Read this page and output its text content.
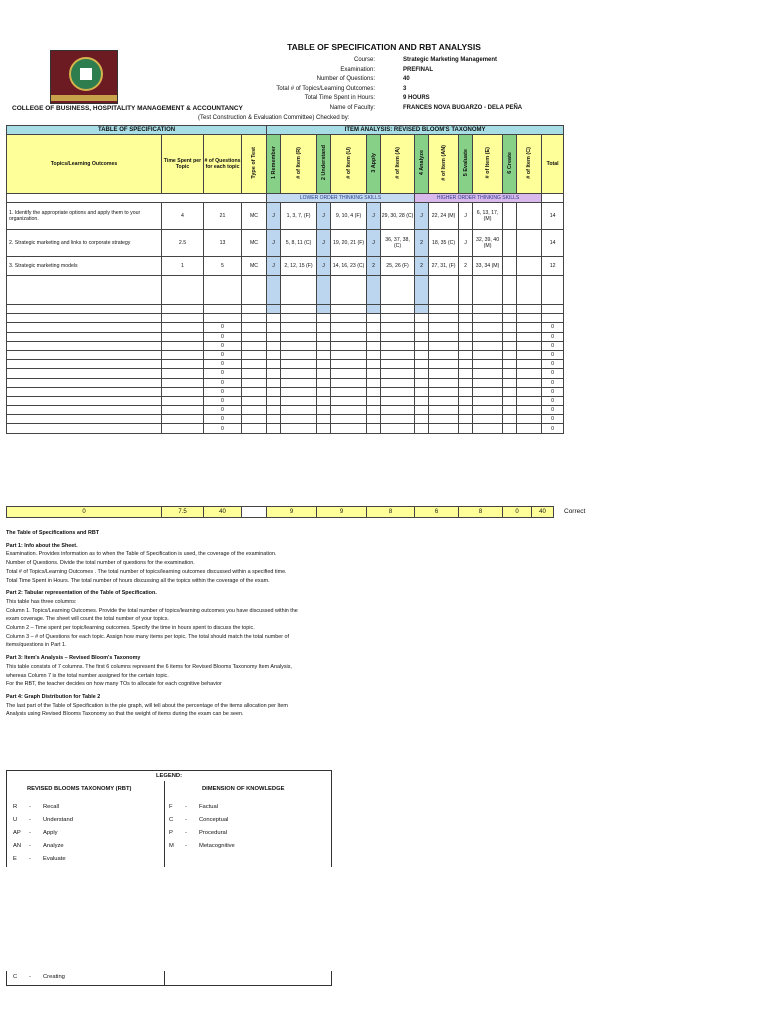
TABLE OF SPECIFICATION AND RBT ANALYSIS
COLLEGE OF BUSINESS, HOSPITALITY MANAGEMENT & ACCOUNTANCY
Course:	Strategic Marketing Management
Examination:	PREFINAL
Number of Questions:	40
Total # of Topics/Learning Outcomes:	3
Total Time Spent in Hours:	9 HOURS
Name of Faculty:	FRANCES NOVA BUGARZO - DELA PEÑA
(Test Construction & Evaluation Committee) Checked by:
TABLE OF SPECIFICATION				ITEM ANALYSIS: REVISED BLOOM'S TAXONOMY												
Topics/Learning Outcomes	Time Spent per Topic	# of Questions for each topic	Type of Test	1 Remember	# of Item (R)	2 Understand	# of Item (U)	3 Apply	# of Item (A)	4 Analyze	# of Item (AN)	5 Evaluate	# of Item (E)	6 Create	# of Item (C)	Total
				LOWER ORDER THINKING SKILLS						HIGHER ORDER THINKING SKILLS						
1. Identify the appropriate options and apply them to your organization.	4	21	MC	J	1, 3, 7, (F)	J	9, 10, 4 (F)	J	29, 30, 28 (C)	J	22, 24 (M)	J	6, 13, 17, (M)			14
2. Strategic marketing and links to corporate strategy	2.5	13	MC	J	5, 8, 11 (C)	J	19, 20, 21 (F)	J	36, 37, 38, (C)	2	18, 35 (C)	J	32, 39, 40 (M)			14
3. Strategic marketing models	1	5	MC	J	2, 12, 15 (F)	J	14, 16, 23 (C)	2	25, 26 (F)	2	27, 31, (F)	2	33, 34 (M)			12

		0														0
		0														0
		0														0
		0														0
		0														0
		0														0
		0														0
		0														0
		0														0
		0														0
		0														0
		0														0
0	7.5	40		9	9	8	6	8	0	40	Correct
The Table of Specifications and RBT
Part 1: Info about the Sheet.
Examination. Provides information as to when the Table of Specification is used, the coverage of the examination.
Number of Questions. Divide the total number of questions for the examination.
Total # of Topics/Learning Outcomes . The total number of topics/learning outcomes discussed within a specified time.
Total Time Spent in Hours. The total number of hours discussing all the topics within the coverage of the exam.
Part 2: Tabular representation of the Table of Specification.
This table has three columns:
Column 1. Topics/Learning Outcomes. Provide the total number of topics/learning outcomes you have discussed within the
exam coverage. The sheet will count the total number of your topics.
Column 2 – Time spent per topic/learning outcomes. Specify the time in hours spent to discuss the topic.
Column 3 – # of Questions for each topic. Assign how many items per topic. The total should match the total number of
items/questions in Part 1.
Part 3: Item's Analysis – Revised Bloom's Taxonomy
This table consists of 7 columns. The first 6 columns represent the 6 items for Revised Blooms Taxonomy Item Analysis,
whereas Column 7 is the total number assigned for the certain topic.
For the RBT, the teacher decides on how many TOs to allocate for each cognitive behavior
Part 4: Graph Distribution for Table 2
The last part of the Table of Specification is the pie graph, will tell about the percentage of the items allocation per Item
Analysis using Revised Blooms Taxonomy so that the weight of items during the exam can be seen.
LEGEND:
REVISED BLOOMS TAXONOMY (RBT)	DIMENSION OF KNOWLEDGE
R	-	Recall
U	-	Understand
AP	-	Apply
AN	-	Analyze
E	-	Evaluate
F	-	Factual
C	-	Conceptual
P	-	Procedural
M	-	Metacognitive
C	-	Creating
